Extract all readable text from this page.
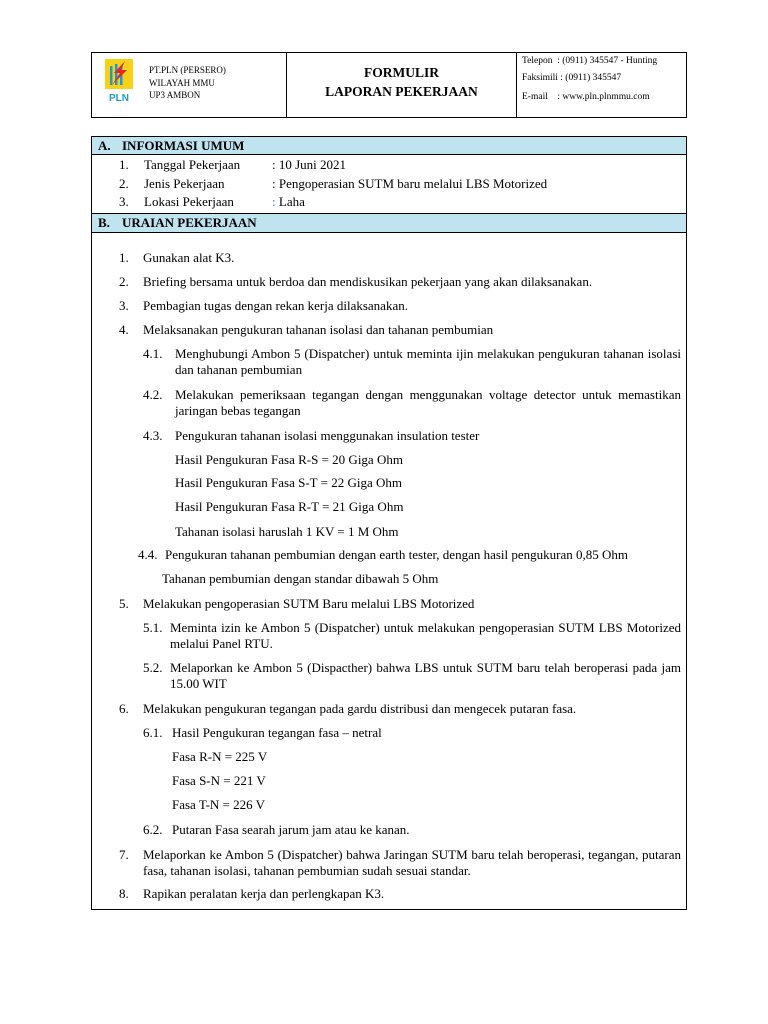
PLN
PT.PLN (PERSERO)
WILAYAH MMU
UP3 AMBON
FORMULIR
LAPORAN PEKERJAAN
Telepon  : (0911) 345547 - Hunting
Faksimili : (0911) 345547
E-mail    : www.pln.plnmmu.com
A. INFORMASI UMUM
1. Tanggal Pekerjaan : 10 Juni 2021
2. Jenis Pekerjaan	: Pengoperasian SUTM baru melalui LBS Motorized
3. Lokasi Pekerjaan	: Laha
B. URAIAN PEKERJAAN
1. Gunakan alat K3.
2. Briefing bersama untuk berdoa dan mendiskusikan pekerjaan yang akan dilaksanakan.
3. Pembagian tugas dengan rekan kerja dilaksanakan.
4. Melaksanakan pengukuran tahanan isolasi dan tahanan pembumian
4.1. Menghubungi Ambon 5 (Dispatcher) untuk meminta ijin melakukan pengukuran tahanan isolasi dan tahanan pembumian
4.2. Melakukan pemeriksaan tegangan dengan menggunakan voltage detector untuk memastikan jaringan bebas tegangan
4.3. Pengukuran tahanan isolasi menggunakan insulation tester
Hasil Pengukuran Fasa R-S = 20 Giga Ohm
Hasil Pengukuran Fasa S-T = 22 Giga Ohm
Hasil Pengukuran Fasa R-T = 21 Giga Ohm
Tahanan isolasi haruslah 1 KV = 1 M Ohm
4.4. Pengukuran tahanan pembumian dengan earth tester, dengan hasil pengukuran 0,85 Ohm
Tahanan pembumian dengan standar dibawah 5 Ohm
5. Melakukan pengoperasian SUTM Baru melalui LBS Motorized
5.1. Meminta izin ke Ambon 5 (Dispatcher) untuk melakukan pengoperasian SUTM LBS Motorized melalui Panel RTU.
5.2. Melaporkan ke Ambon 5 (Dispacther) bahwa LBS untuk SUTM baru telah beroperasi pada jam 15.00 WIT
6. Melakukan pengukuran tegangan pada gardu distribusi dan mengecek putaran fasa.
6.1. Hasil Pengukuran tegangan fasa – netral
Fasa R-N = 225 V
Fasa S-N = 221 V
Fasa T-N = 226 V
6.2. Putaran Fasa searah jarum jam atau ke kanan.
7. Melaporkan ke Ambon 5 (Dispatcher) bahwa Jaringan SUTM baru telah beroperasi, tegangan, putaran fasa, tahanan isolasi, tahanan pembumian sudah sesuai standar.
8. Rapikan peralatan kerja dan perlengkapan K3.
